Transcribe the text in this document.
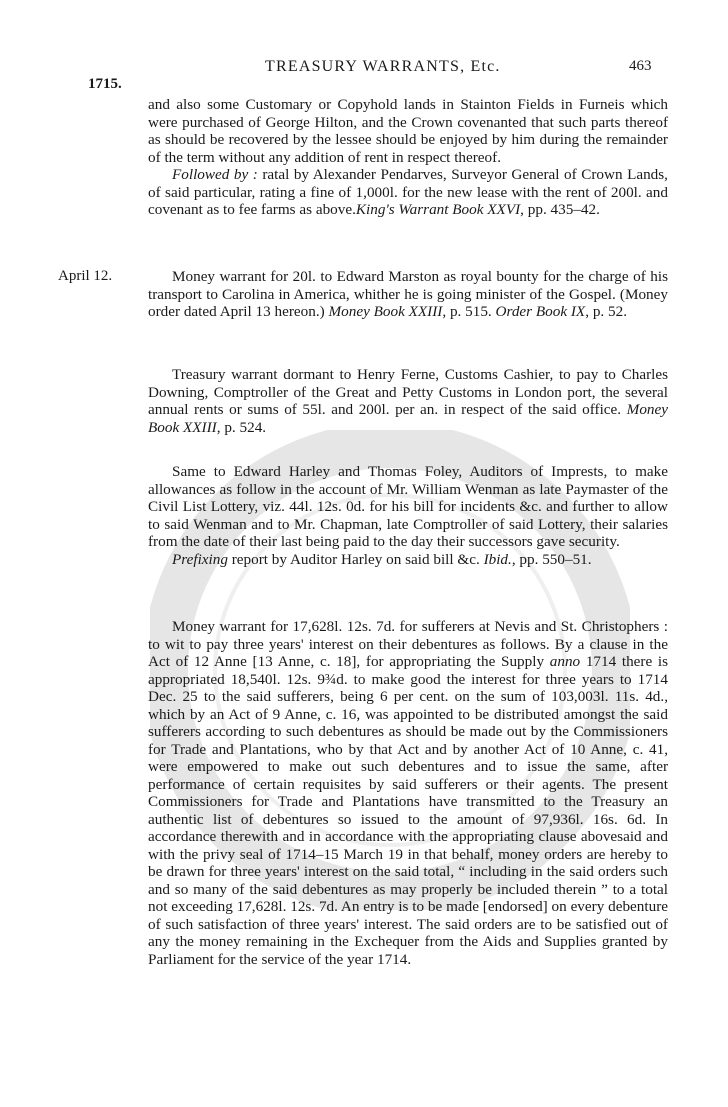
1715.
TREASURY WARRANTS, Etc.	463

and also some Customary or Copyhold lands in Stainton Fields in Furneis which were purchased of George Hilton, and the Crown covenanted that such parts thereof as should be recovered by the lessee should be enjoyed by him during the remainder of the term without any addition of rent in respect thereof.

Followed by : ratal by Alexander Pendarves, Surveyor General of Crown Lands, of said particular, rating a fine of 1,000l. for the new lease with the rent of 200l. and covenant as to fee farms as above.King's Warrant Book XXVI, pp. 435–42.

April 12.	Money warrant for 20l. to Edward Marston as royal bounty for the charge of his transport to Carolina in America, whither he is going minister of the Gospel. (Money order dated April 13 hereon.) Money Book XXIII, p. 515. Order Book IX, p. 52.

Treasury warrant dormant to Henry Ferne, Customs Cashier, to pay to Charles Downing, Comptroller of the Great and Petty Customs in London port, the several annual rents or sums of 55l. and 200l. per an. in respect of the said office. Money Book XXIII, p. 524.

Same to Edward Harley and Thomas Foley, Auditors of Imprests, to make allowances as follow in the account of Mr. William Wenman as late Paymaster of the Civil List Lottery, viz. 44l. 12s. 0d. for his bill for incidents &c. and further to allow to said Wenman and to Mr. Chapman, late Comptroller of said Lottery, their salaries from the date of their last being paid to the day their successors gave security.

Prefixing report by Auditor Harley on said bill &c. Ibid., pp. 550–51.

Money warrant for 17,628l. 12s. 7d. for sufferers at Nevis and St. Christophers : to wit to pay three years' interest on their debentures as follows. By a clause in the Act of 12 Anne [13 Anne, c. 18], for appropriating the Supply anno 1714 there is appropriated 18,540l. 12s. 9¾d. to make good the interest for three years to 1714 Dec. 25 to the said sufferers, being 6 per cent. on the sum of 103,003l. 11s. 4d., which by an Act of 9 Anne, c. 16, was appointed to be distributed amongst the said sufferers according to such debentures as should be made out by the Commissioners for Trade and Plantations, who by that Act and by another Act of 10 Anne, c. 41, were empowered to make out such debentures and to issue the same, after performance of certain requisites by said sufferers or their agents. The present Commissioners for Trade and Plantations have transmitted to the Treasury an authentic list of debentures so issued to the amount of 97,936l. 16s. 6d. In accordance therewith and in accordance with the appropriating clause abovesaid and with the privy seal of 1714–15 March 19 in that behalf, money orders are hereby to be drawn for three years' interest on the said total, “ including in the said orders such and so many of the said debentures as may properly be included therein ” to a total not exceeding 17,628l. 12s. 7d. An entry is to be made [endorsed] on every debenture of such satisfaction of three years' interest. The said orders are to be satisfied out of any the money remaining in the Exchequer from the Aids and Supplies granted by Parliament for the service of the year 1714.
